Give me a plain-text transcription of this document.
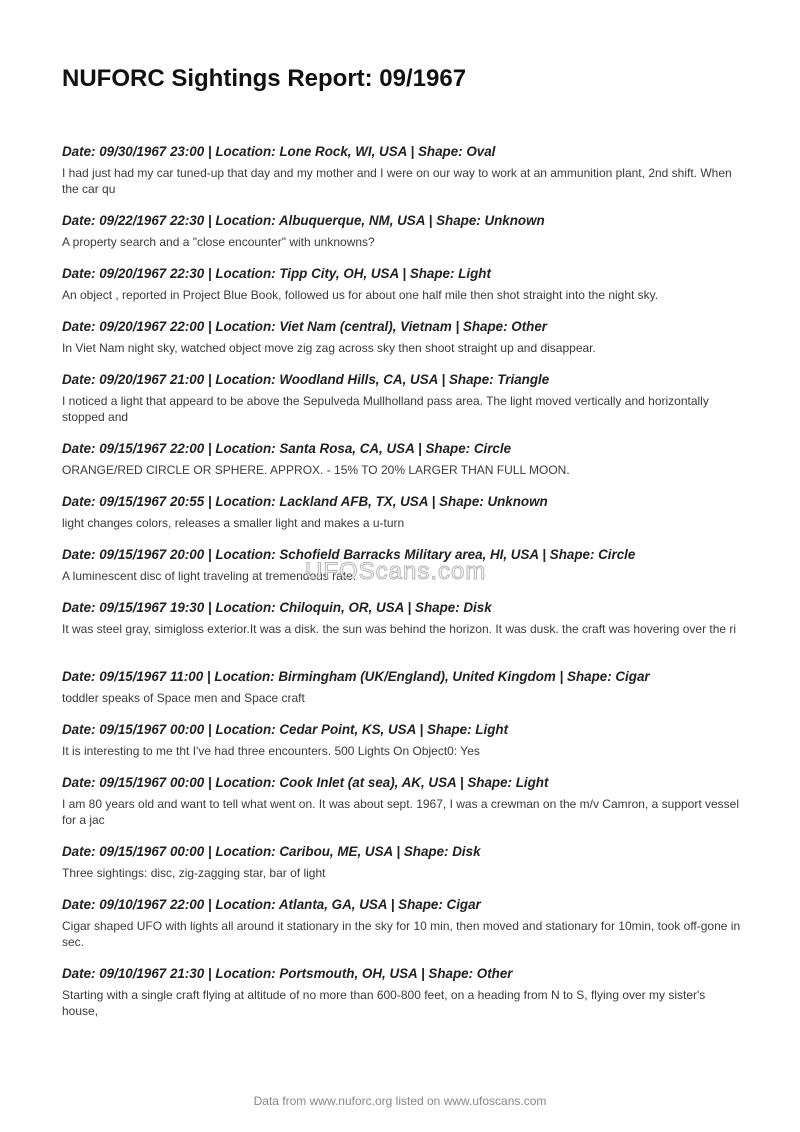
NUFORC Sightings Report: 09/1967
Date: 09/30/1967 23:00 | Location: Lone Rock, WI, USA | Shape: Oval
I had just had my car tuned-up that day and my mother and I were on our way to work at an ammunition plant, 2nd shift. When the car qu
Date: 09/22/1967 22:30 | Location: Albuquerque, NM, USA | Shape: Unknown
A property search and a "close encounter" with unknowns?
Date: 09/20/1967 22:30 | Location: Tipp City, OH, USA | Shape: Light
An object , reported in Project Blue Book, followed us for about one half mile then shot straight into the night sky.
Date: 09/20/1967 22:00 | Location: Viet Nam (central), Vietnam | Shape: Other
In Viet Nam night sky, watched object move zig zag across sky then shoot straight up and disappear.
Date: 09/20/1967 21:00 | Location: Woodland Hills, CA, USA | Shape: Triangle
I noticed a light that appeard to be above the Sepulveda Mullholland pass area. The light moved vertically and horizontally stopped and
Date: 09/15/1967 22:00 | Location: Santa Rosa, CA, USA | Shape: Circle
ORANGE/RED CIRCLE OR SPHERE. APPROX. - 15% TO 20% LARGER THAN FULL MOON.
Date: 09/15/1967 20:55 | Location: Lackland AFB, TX, USA | Shape: Unknown
light changes colors, releases a smaller light and makes a u-turn
Date: 09/15/1967 20:00 | Location: Schofield Barracks Military area, HI, USA | Shape: Circle
A luminescent disc of light traveling at tremendous rate.
Date: 09/15/1967 19:30 | Location: Chiloquin, OR, USA | Shape: Disk
It was steel gray, simigloss exterior.It was a disk. the sun was behind the horizon. It was dusk. the craft was hovering over the ri
Date: 09/15/1967 11:00 | Location: Birmingham (UK/England), United Kingdom | Shape: Cigar
toddler speaks of Space men and Space craft
Date: 09/15/1967 00:00 | Location: Cedar Point, KS, USA | Shape: Light
It is interesting to me tht I've had three encounters. 500 Lights On Object0: Yes
Date: 09/15/1967 00:00 | Location: Cook Inlet (at sea), AK, USA | Shape: Light
I am 80 years old and want to tell what went on. It was about sept. 1967, I was a crewman on the m/v Camron, a support vessel for a jac
Date: 09/15/1967 00:00 | Location: Caribou, ME, USA | Shape: Disk
Three sightings: disc, zig-zagging star, bar of light
Date: 09/10/1967 22:00 | Location: Atlanta, GA, USA | Shape: Cigar
Cigar shaped UFO with lights all around it stationary in the sky for 10 min, then moved and stationary for 10min, took off-gone in sec.
Date: 09/10/1967 21:30 | Location: Portsmouth, OH, USA | Shape: Other
Starting with a single craft flying at altitude of no more than 600-800 feet, on a heading from N to S, flying over my sister's house,
UFOScans.com
Data from www.nuforc.org listed on www.ufoscans.com
